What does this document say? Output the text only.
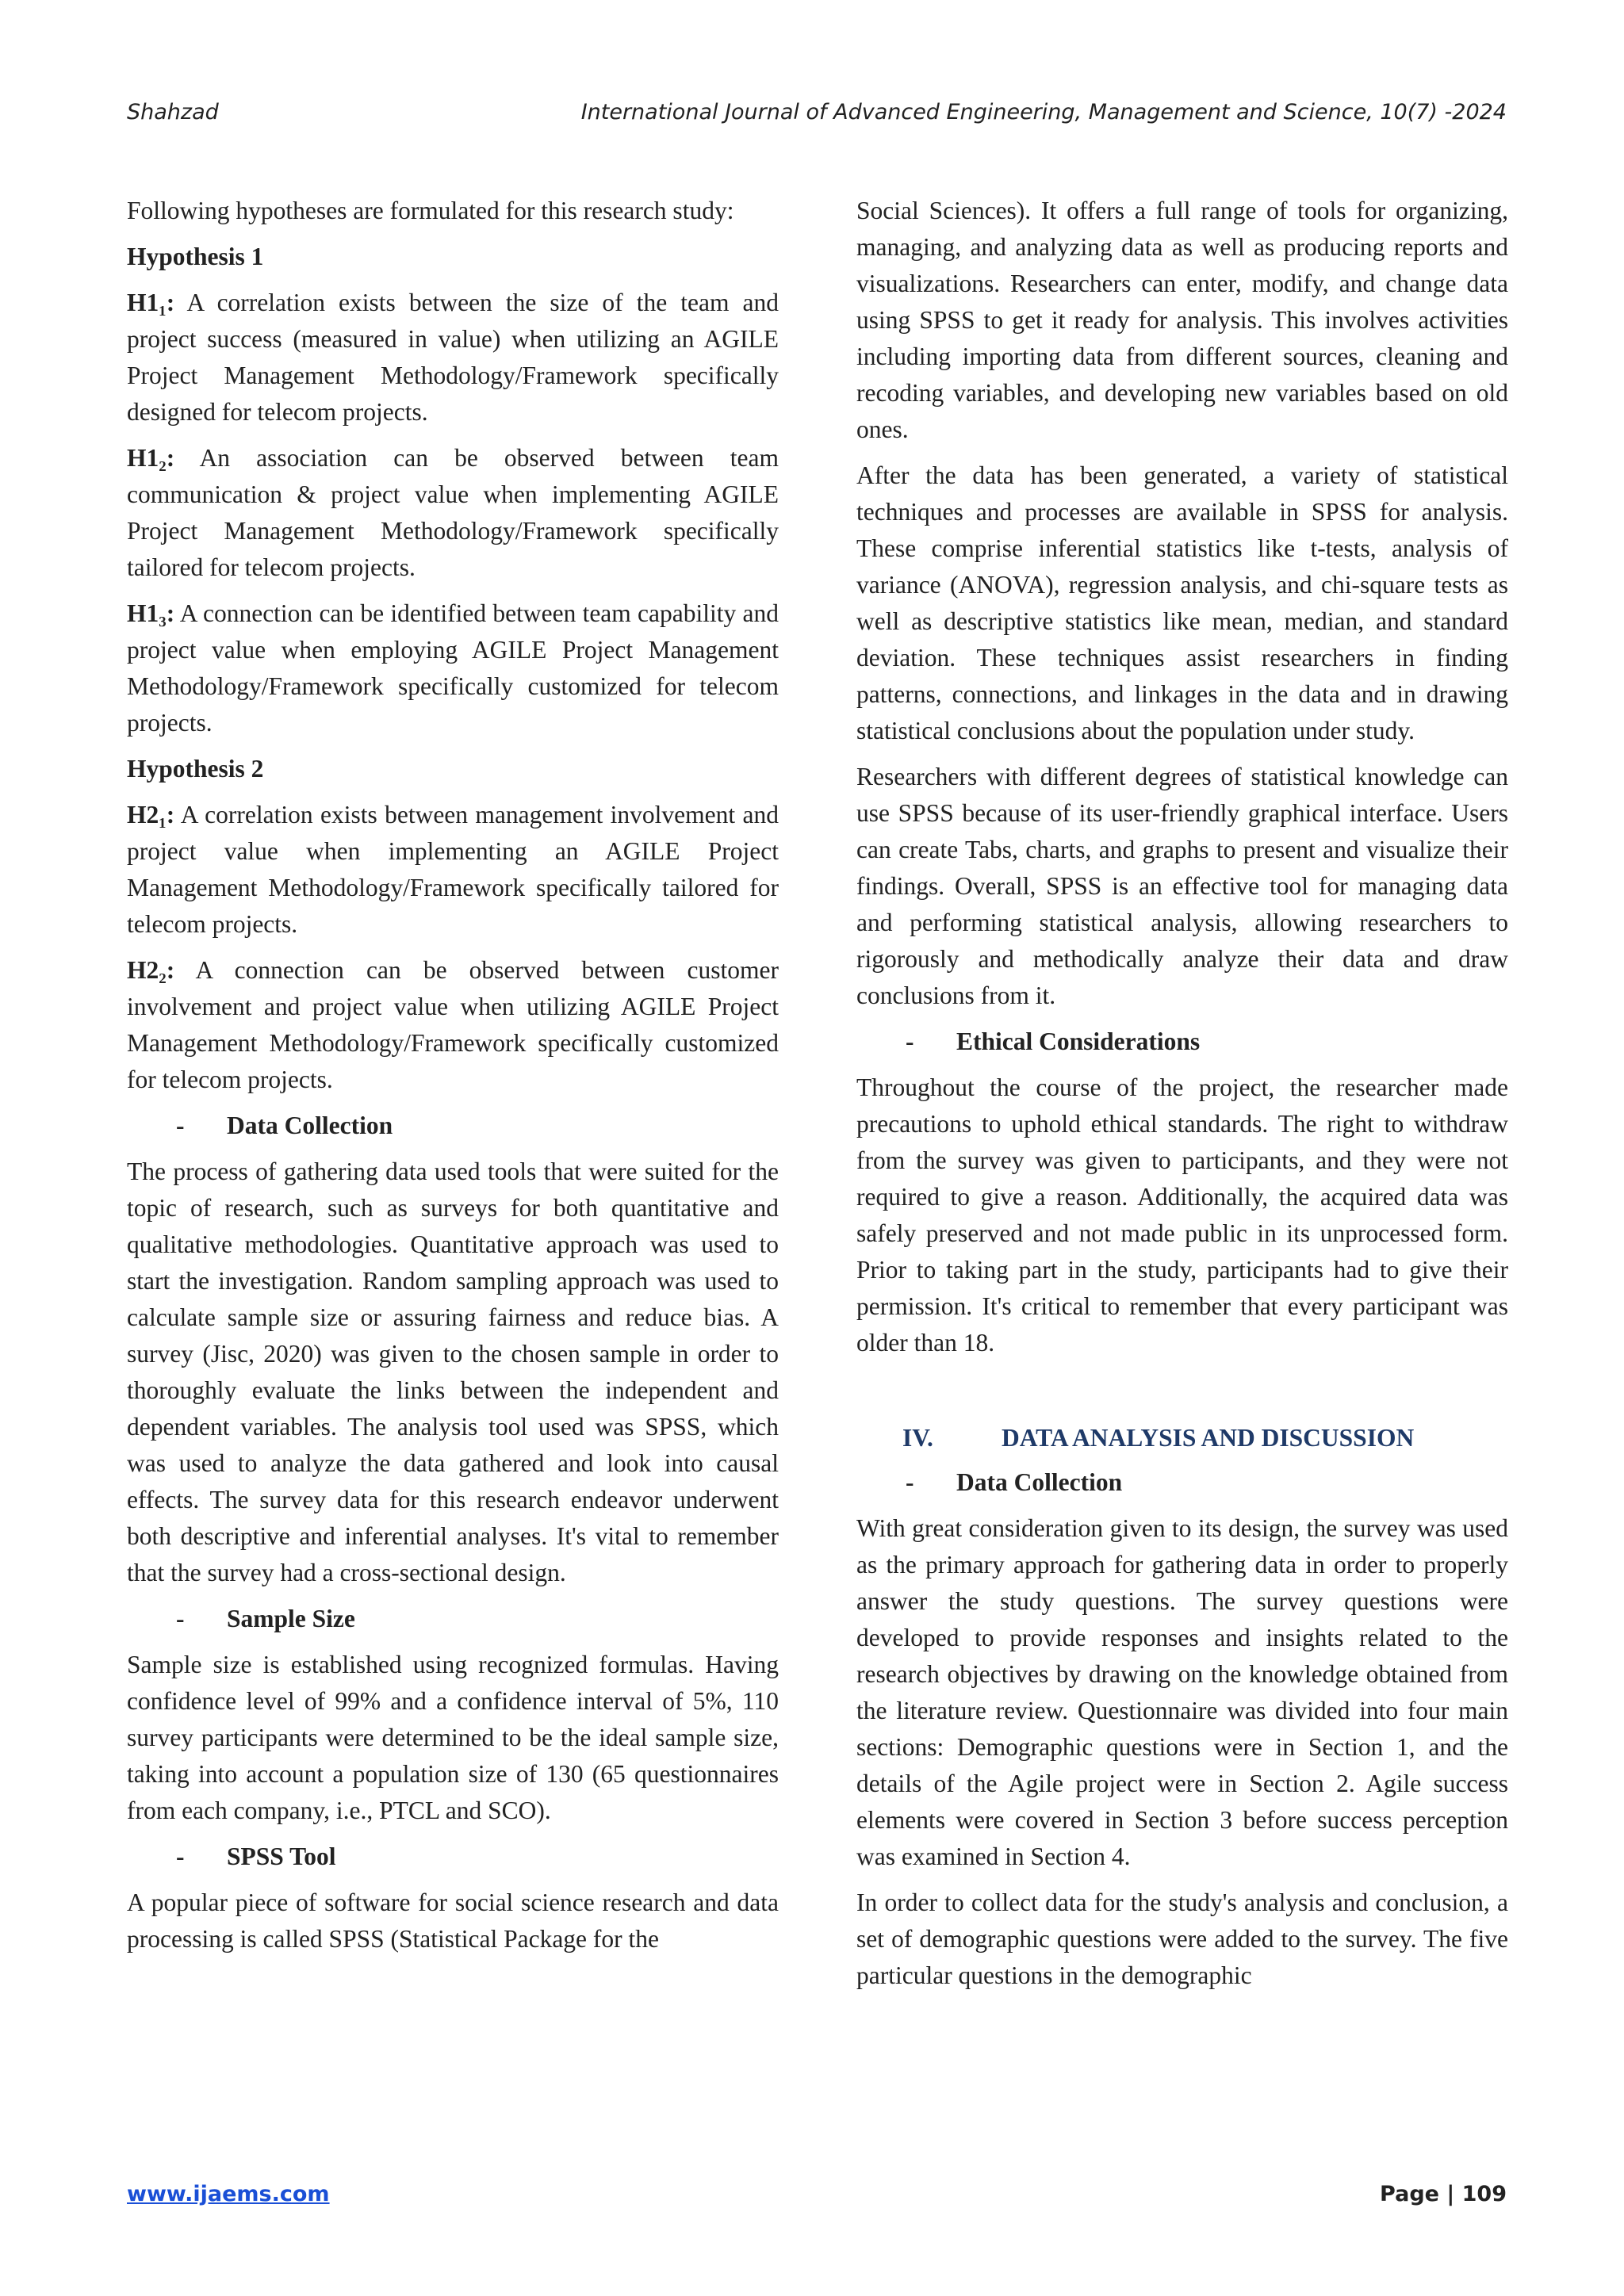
Shahzad	International Journal of Advanced Engineering, Management and Science, 10(7) -2024

Following hypotheses are formulated for this research study:

Hypothesis 1

H1₁: A correlation exists between the size of the team and project success (measured in value) when utilizing an AGILE Project Management Methodology/Framework specifically designed for telecom projects.

H1₂: An association can be observed between team communication & project value when implementing AGILE Project Management Methodology/Framework specifically tailored for telecom projects.

H1₃: A connection can be identified between team capability and project value when employing AGILE Project Management Methodology/Framework specifically customized for telecom projects.

Hypothesis 2

H2₁: A correlation exists between management involvement and project value when implementing an AGILE Project Management Methodology/Framework specifically tailored for telecom projects.

H2₂: A connection can be observed between customer involvement and project value when utilizing AGILE Project Management Methodology/Framework specifically customized for telecom projects.

- Data Collection

The process of gathering data used tools that were suited for the topic of research, such as surveys for both quantitative and qualitative methodologies. Quantitative approach was used to start the investigation. Random sampling approach was used to calculate sample size or assuring fairness and reduce bias. A survey (Jisc, 2020) was given to the chosen sample in order to thoroughly evaluate the links between the independent and dependent variables. The analysis tool used was SPSS, which was used to analyze the data gathered and look into causal effects. The survey data for this research endeavor underwent both descriptive and inferential analyses. It's vital to remember that the survey had a cross-sectional design.

- Sample Size

Sample size is established using recognized formulas. Having confidence level of 99% and a confidence interval of 5%, 110 survey participants were determined to be the ideal sample size, taking into account a population size of 130 (65 questionnaires from each company, i.e., PTCL and SCO).

- SPSS Tool

A popular piece of software for social science research and data processing is called SPSS (Statistical Package for the

Social Sciences). It offers a full range of tools for organizing, managing, and analyzing data as well as producing reports and visualizations. Researchers can enter, modify, and change data using SPSS to get it ready for analysis. This involves activities including importing data from different sources, cleaning and recoding variables, and developing new variables based on old ones.

After the data has been generated, a variety of statistical techniques and processes are available in SPSS for analysis. These comprise inferential statistics like t-tests, analysis of variance (ANOVA), regression analysis, and chi-square tests as well as descriptive statistics like mean, median, and standard deviation. These techniques assist researchers in finding patterns, connections, and linkages in the data and in drawing statistical conclusions about the population under study.

Researchers with different degrees of statistical knowledge can use SPSS because of its user-friendly graphical interface. Users can create Tabs, charts, and graphs to present and visualize their findings. Overall, SPSS is an effective tool for managing data and performing statistical analysis, allowing researchers to rigorously and methodically analyze their data and draw conclusions from it.

- Ethical Considerations

Throughout the course of the project, the researcher made precautions to uphold ethical standards. The right to withdraw from the survey was given to participants, and they were not required to give a reason. Additionally, the acquired data was safely preserved and not made public in its unprocessed form. Prior to taking part in the study, participants had to give their permission. It's critical to remember that every participant was older than 18.

IV.	DATA ANALYSIS AND DISCUSSION
- Data Collection

With great consideration given to its design, the survey was used as the primary approach for gathering data in order to properly answer the study questions. The survey questions were developed to provide responses and insights related to the research objectives by drawing on the knowledge obtained from the literature review. Questionnaire was divided into four main sections: Demographic questions were in Section 1, and the details of the Agile project were in Section 2. Agile success elements were covered in Section 3 before success perception was examined in Section 4.

In order to collect data for the study's analysis and conclusion, a set of demographic questions were added to the survey. The five particular questions in the demographic

www.ijaems.com	Page | 109
